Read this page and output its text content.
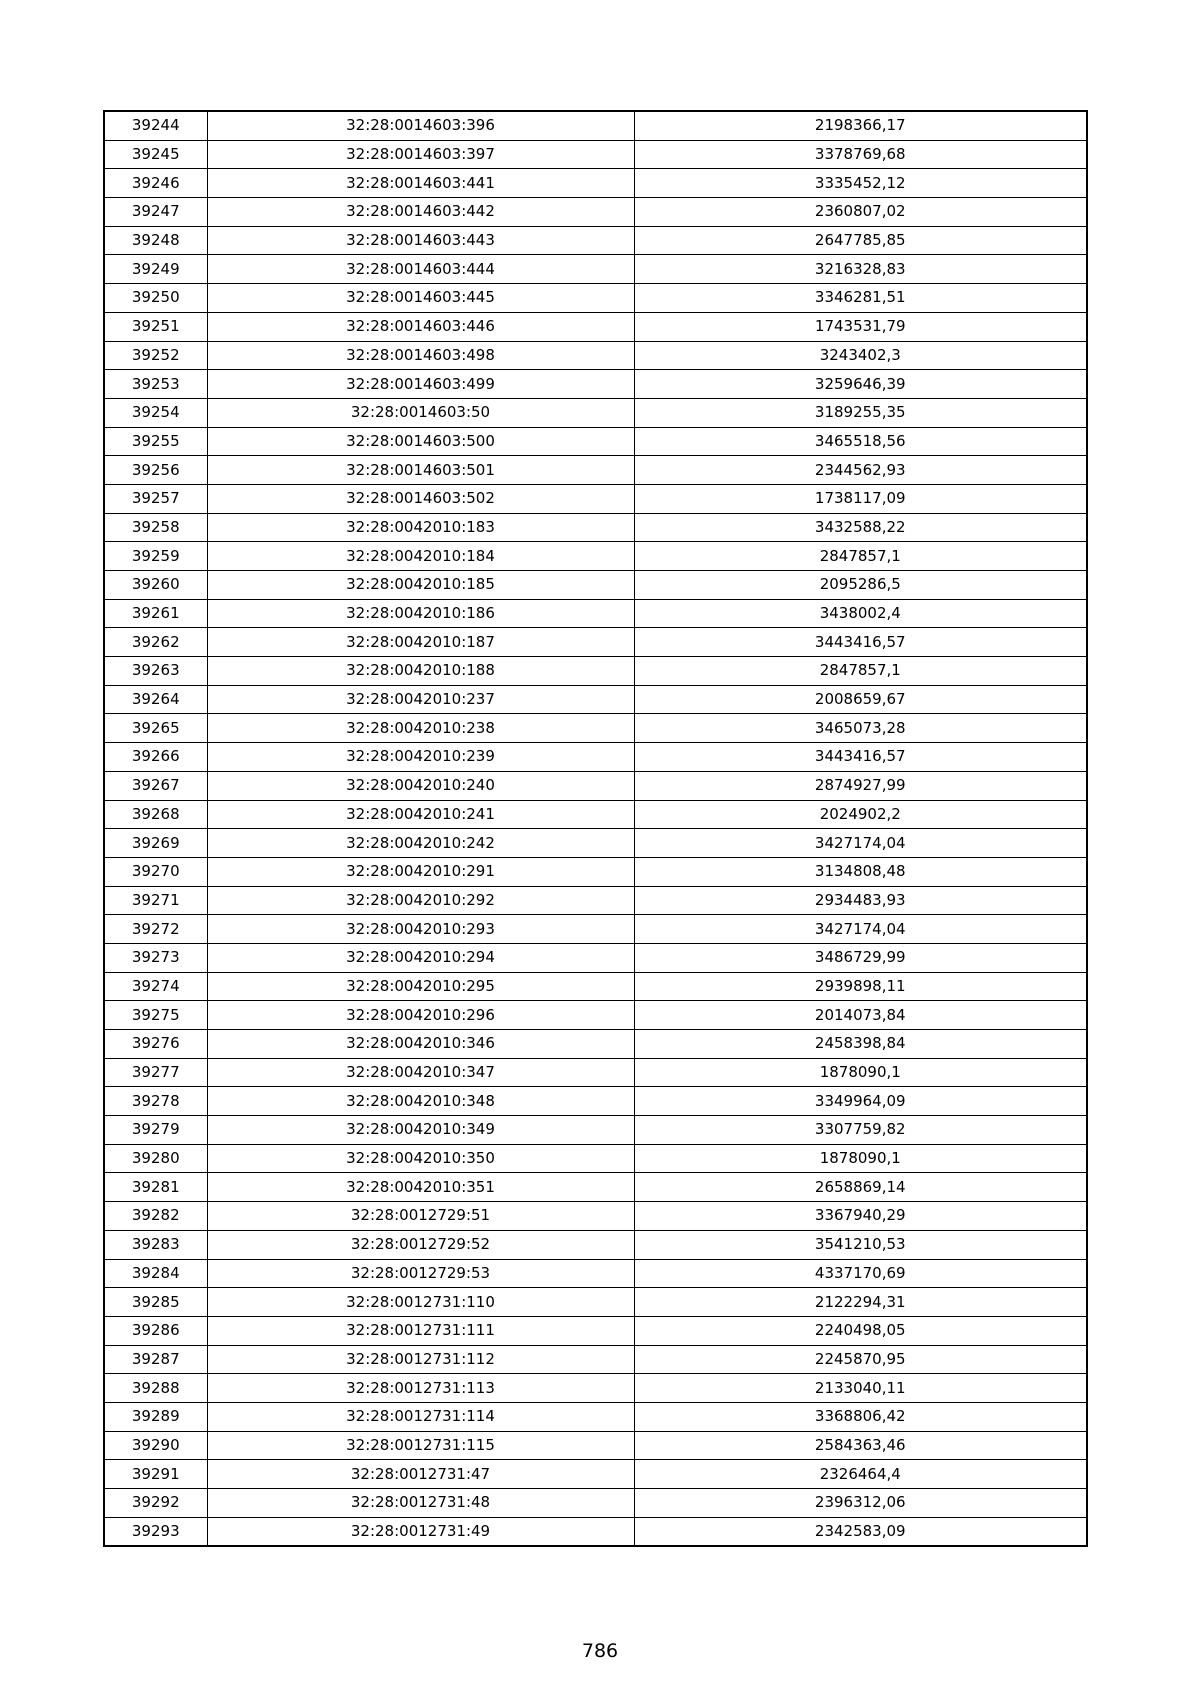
39244	32:28:0014603:396	2198366,17
39245	32:28:0014603:397	3378769,68
39246	32:28:0014603:441	3335452,12
39247	32:28:0014603:442	2360807,02
39248	32:28:0014603:443	2647785,85
39249	32:28:0014603:444	3216328,83
39250	32:28:0014603:445	3346281,51
39251	32:28:0014603:446	1743531,79
39252	32:28:0014603:498	3243402,3
39253	32:28:0014603:499	3259646,39
39254	32:28:0014603:50	3189255,35
39255	32:28:0014603:500	3465518,56
39256	32:28:0014603:501	2344562,93
39257	32:28:0014603:502	1738117,09
39258	32:28:0042010:183	3432588,22
39259	32:28:0042010:184	2847857,1
39260	32:28:0042010:185	2095286,5
39261	32:28:0042010:186	3438002,4
39262	32:28:0042010:187	3443416,57
39263	32:28:0042010:188	2847857,1
39264	32:28:0042010:237	2008659,67
39265	32:28:0042010:238	3465073,28
39266	32:28:0042010:239	3443416,57
39267	32:28:0042010:240	2874927,99
39268	32:28:0042010:241	2024902,2
39269	32:28:0042010:242	3427174,04
39270	32:28:0042010:291	3134808,48
39271	32:28:0042010:292	2934483,93
39272	32:28:0042010:293	3427174,04
39273	32:28:0042010:294	3486729,99
39274	32:28:0042010:295	2939898,11
39275	32:28:0042010:296	2014073,84
39276	32:28:0042010:346	2458398,84
39277	32:28:0042010:347	1878090,1
39278	32:28:0042010:348	3349964,09
39279	32:28:0042010:349	3307759,82
39280	32:28:0042010:350	1878090,1
39281	32:28:0042010:351	2658869,14
39282	32:28:0012729:51	3367940,29
39283	32:28:0012729:52	3541210,53
39284	32:28:0012729:53	4337170,69
39285	32:28:0012731:110	2122294,31
39286	32:28:0012731:111	2240498,05
39287	32:28:0012731:112	2245870,95
39288	32:28:0012731:113	2133040,11
39289	32:28:0012731:114	3368806,42
39290	32:28:0012731:115	2584363,46
39291	32:28:0012731:47	2326464,4
39292	32:28:0012731:48	2396312,06
39293	32:28:0012731:49	2342583,09
786
